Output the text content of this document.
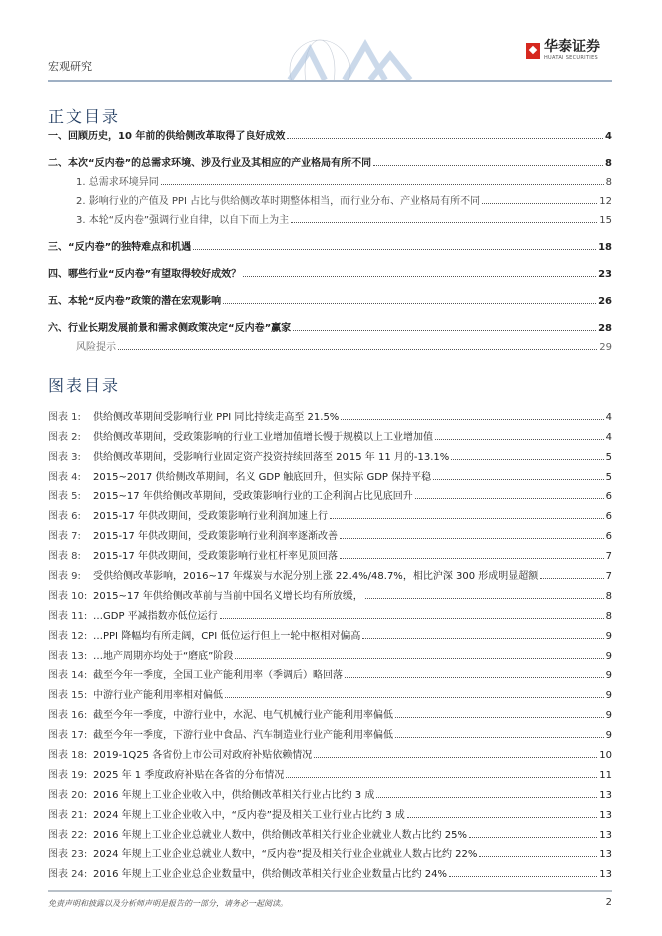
宏观研究
华泰证券
HUATAI SECURITIES
正文目录
一、回顾历史，10 年前的供给侧改革取得了良好成效	4
二、本次“反内卷”的总需求环境、涉及行业及其相应的产业格局有所不同	8
1. 总需求环境异同	8
2. 影响行业的产值及 PPI 占比与供给侧改革时期整体相当，而行业分布、产业格局有所不同	12
3. 本轮“反内卷”强调行业自律，以自下而上为主	15
三、“反内卷”的独特难点和机遇	18
四、哪些行业“反内卷”有望取得较好成效？	23
五、本轮“反内卷”政策的潜在宏观影响	26
六、行业长期发展前景和需求侧政策决定“反内卷”赢家	28
风险提示	29
图表目录
图表 1:	供给侧改革期间受影响行业 PPI 同比持续走高至 21.5%	4
图表 2:	供给侧改革期间，受政策影响的行业工业增加值增长慢于规模以上工业增加值	4
图表 3:	供给侧改革期间，受影响行业固定资产投资持续回落至 2015 年 11 月的-13.1%	5
图表 4:	2015~2017 供给侧改革期间，名义 GDP 触底回升，但实际 GDP 保持平稳	5
图表 5:	2015~17 年供给侧改革期间，受政策影响行业的工企利润占比见底回升	6
图表 6:	2015-17 年供改期间，受政策影响行业利润加速上行	6
图表 7:	2015-17 年供改期间，受政策影响行业利润率逐渐改善	6
图表 8:	2015-17 年供改期间，受政策影响行业杠杆率见顶回落	7
图表 9:	受供给侧改革影响，2016~17 年煤炭与水泥分别上涨 22.4%/48.7%，相比沪深 300 形成明显超额	7
图表 10: 2015~17 年供给侧改革前与当前中国名义增长均有所放缓，	8
图表 11: …GDP 平减指数亦低位运行	8
图表 12: …PPI 降幅均有所走阔，CPI 低位运行但上一轮中枢相对偏高	9
图表 13: …地产周期亦均处于“磨底”阶段	9
图表 14: 截至今年一季度，全国工业产能利用率（季调后）略回落	9
图表 15: 中游行业产能利用率相对偏低	9
图表 16: 截至今年一季度，中游行业中，水泥、电气机械行业产能利用率偏低	9
图表 17: 截至今年一季度，下游行业中食品、汽车制造业行业产能利用率偏低	9
图表 18: 2019-1Q25 各省份上市公司对政府补贴依赖情况	10
图表 19: 2025 年 1 季度政府补贴在各省的分布情况	11
图表 20: 2016 年规上工业企业收入中，供给侧改革相关行业占比约 3 成	13
图表 21: 2024 年规上工业企业收入中，“反内卷”提及相关工业行业占比约 3 成	13
图表 22: 2016 年规上工业企业总就业人数中，供给侧改革相关行业企业就业人数占比约 25%	13
图表 23: 2024 年规上工业企业总就业人数中，“反内卷”提及相关行业企业就业人数占比约 22%	13
图表 24: 2016 年规上工业企业总企业数量中，供给侧改革相关行业企业数量占比约 24%	13
免责声明和披露以及分析师声明是报告的一部分，请务必一起阅读。	2
